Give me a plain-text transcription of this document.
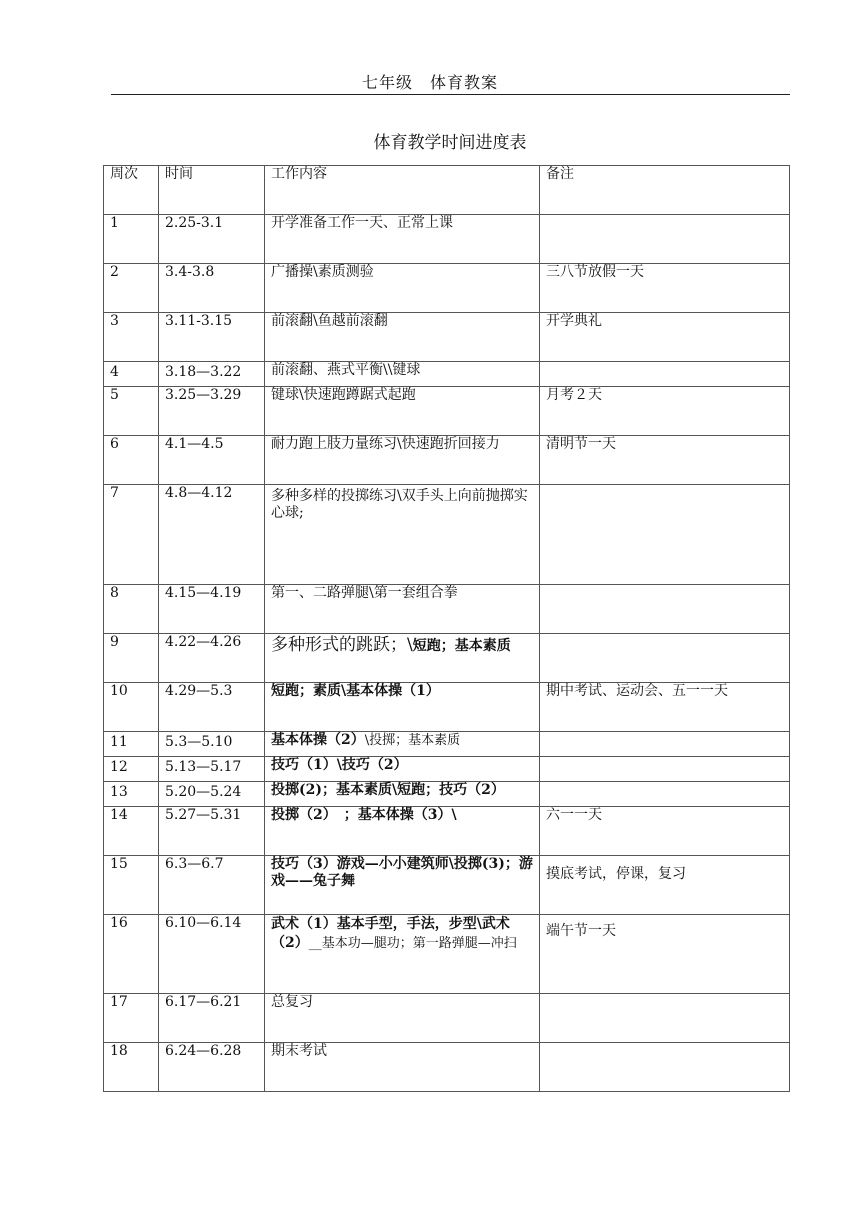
七年级　体育教案
体育教学时间进度表
周次	时间	工作内容	备注
1	2.25-3.1	开学准备工作一天、正常上课	
2	3.4-3.8	广播操\素质测验	三八节放假一天
3	3.11-3.15	前滚翻\鱼越前滚翻	开学典礼
4	3.18—3.22	前滚翻、燕式平衡\\键球	
5	3.25—3.29	键球\快速跑蹲踞式起跑	月考２天
6	4.1—4.5	耐力跑上肢力量练习\快速跑折回接力	清明节一天
7	4.8—4.12	多种多样的投掷练习\双手头上向前抛掷实心球;	
8	4.15—4.19	第一、二路弹腿\第一套组合拳	
9	4.22—4.26	多种形式的跳跃；\短跑；基本素质	
10	4.29—5.3	短跑；素质\基本体操（1）	期中考试、运动会、五一一天
11	5.3—5.10	基本体操（2）\投掷；基本素质	
12	5.13—5.17	技巧（1）\技巧（2）	
13	5.20—5.24	投掷(2)；基本素质\短跑；技巧（2）	
14	5.27—5.31	投掷（2）　；基本体操（3）\	六一一天
15	6.3—6.7	技巧（3）游戏—小小建筑师\投掷(3)；游戏——兔子舞	摸底考试，停课，复习
16	6.10—6.14	武术（1）基本手型，手法，步型\武术（2）__基本功—腿功；第一路弹腿—冲扫	端午节一天
17	6.17—6.21	总复习	
18	6.24—6.28	期末考试	
